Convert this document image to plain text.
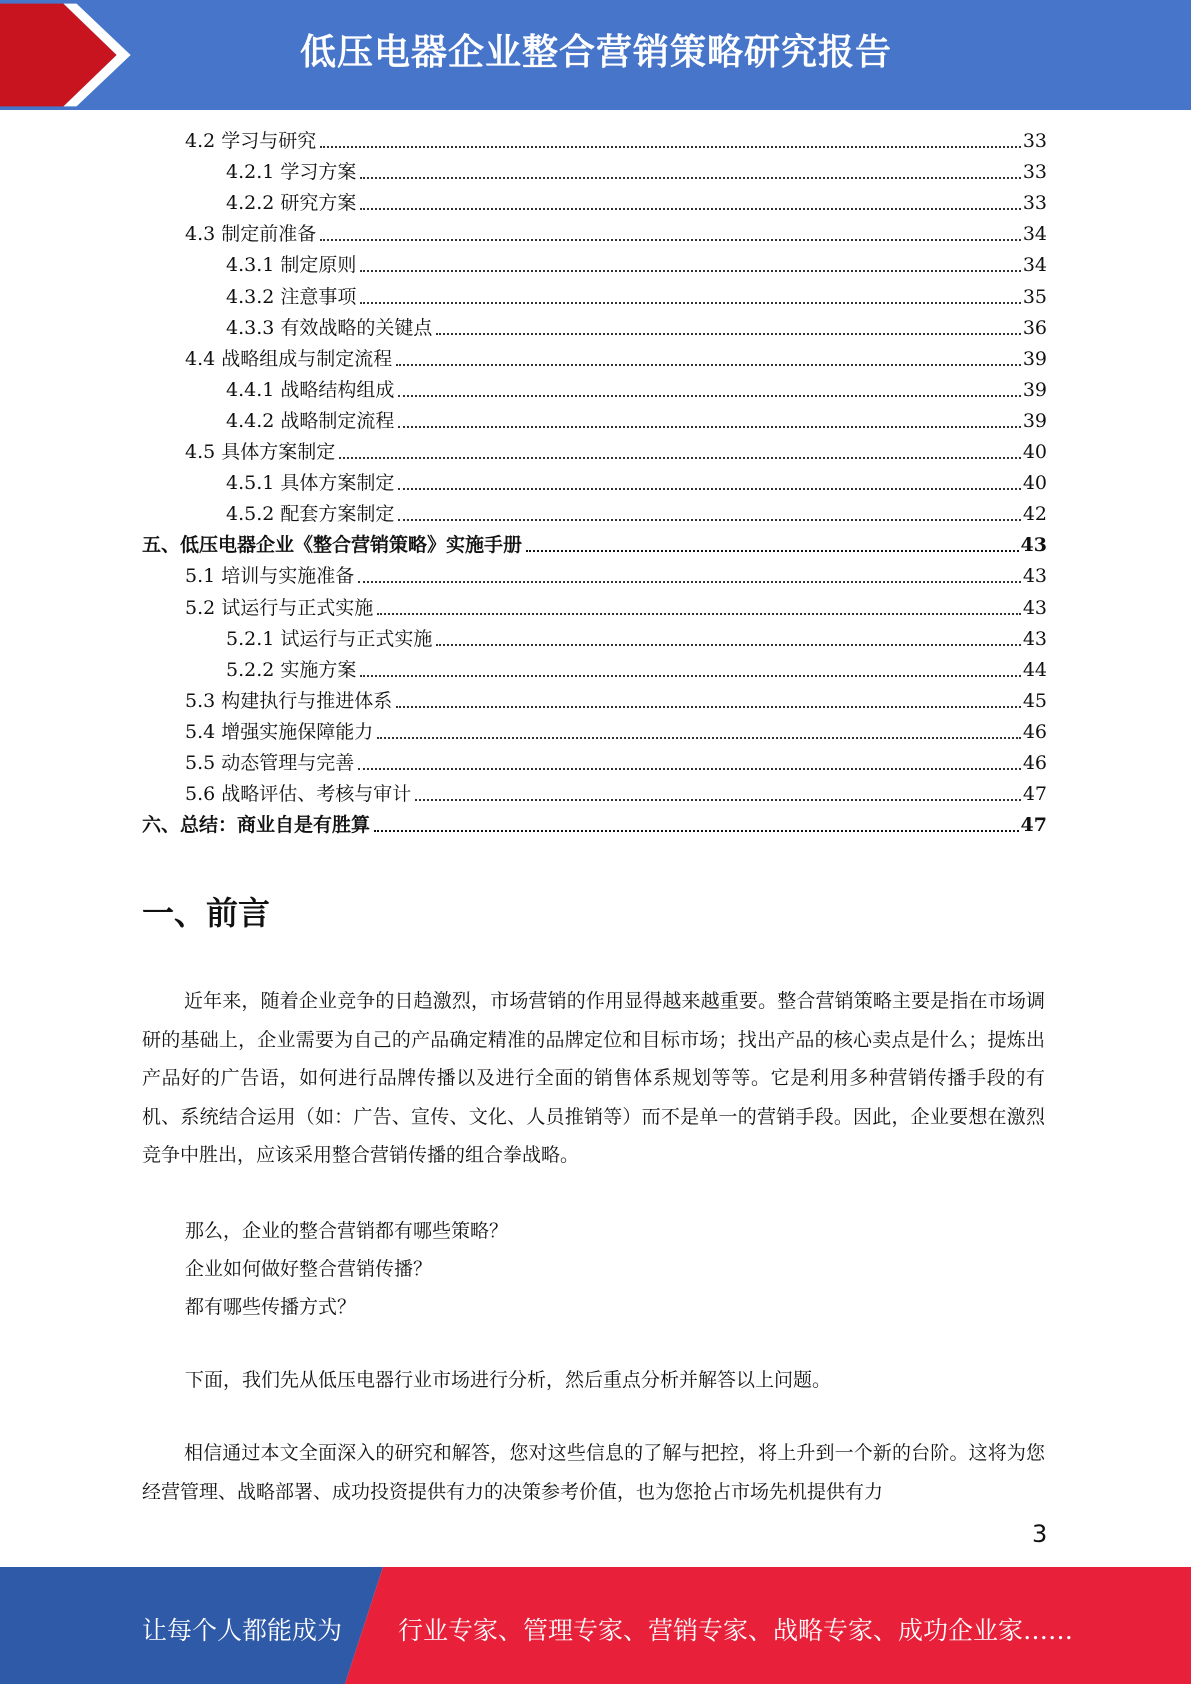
低压电器企业整合营销策略研究报告
4.2 学习与研究	33
4.2.1 学习方案	33
4.2.2 研究方案	33
4.3 制定前准备	34
4.3.1 制定原则	34
4.3.2 注意事项	35
4.3.3 有效战略的关键点	36
4.4 战略组成与制定流程	39
4.4.1 战略结构组成	39
4.4.2 战略制定流程	39
4.5 具体方案制定	40
4.5.1 具体方案制定	40
4.5.2 配套方案制定	42
五、低压电器企业《整合营销策略》实施手册	43
5.1 培训与实施准备	43
5.2 试运行与正式实施	43
5.2.1 试运行与正式实施	43
5.2.2 实施方案	44
5.3 构建执行与推进体系	45
5.4 增强实施保障能力	46
5.5 动态管理与完善	46
5.6 战略评估、考核与审计	47
六、总结：商业自是有胜算	47
一、前言
近年来，随着企业竞争的日趋激烈，市场营销的作用显得越来越重要。整合营销策略主要是指在市场调研的基础上，企业需要为自己的产品确定精准的品牌定位和目标市场；找出产品的核心卖点是什么；提炼出产品好的广告语，如何进行品牌传播以及进行全面的销售体系规划等等。它是利用多种营销传播手段的有机、系统结合运用（如：广告、宣传、文化、人员推销等）而不是单一的营销手段。因此，企业要想在激烈竞争中胜出，应该采用整合营销传播的组合拳战略。
那么，企业的整合营销都有哪些策略？
企业如何做好整合营销传播？
都有哪些传播方式？
下面，我们先从低压电器行业市场进行分析，然后重点分析并解答以上问题。
相信通过本文全面深入的研究和解答，您对这些信息的了解与把控，将上升到一个新的台阶。这将为您经营管理、战略部署、成功投资提供有力的决策参考价值，也为您抢占市场先机提供有力
3
让每个人都能成为 行业专家、管理专家、营销专家、战略专家、成功企业家……
